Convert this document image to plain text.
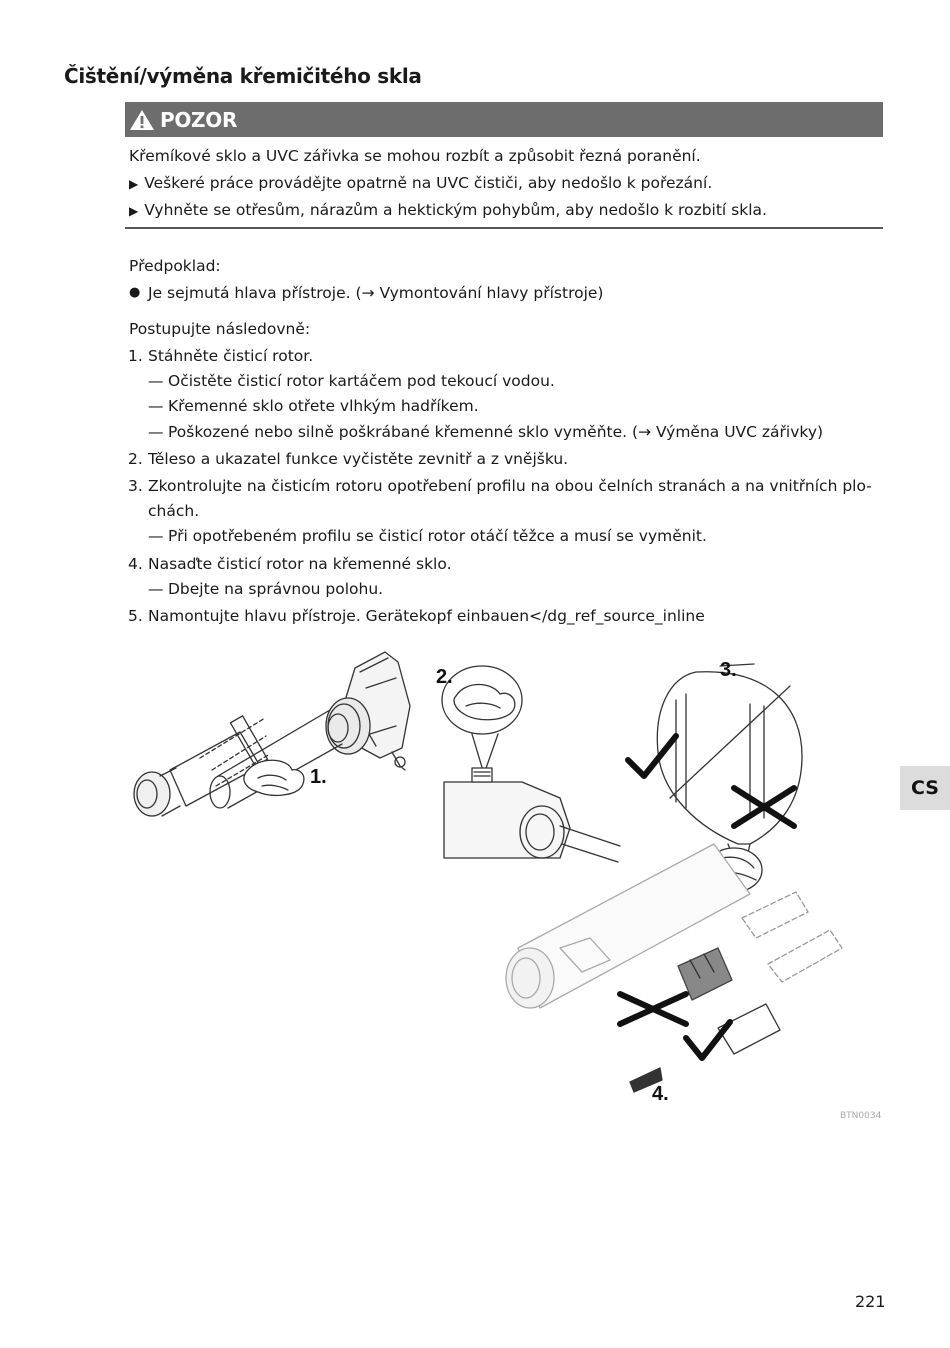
Čištění/výměna křemičitého skla
POZOR
Křemíkové sklo a UVC zářivka se mohou rozbít a způsobit řezná poranění.
▶ Veškeré práce provádějte opatrně na UVC čističi, aby nedošlo k pořezání.
▶ Vyhněte se otřesům, nárazům a hektickým pohybům, aby nedošlo k rozbití skla.
Předpoklad:
● Je sejmutá hlava přístroje. (→ Vymontování hlavy přístroje)
Postupujte následovně:
1. Stáhněte čisticí rotor.
— Očistěte čisticí rotor kartáčem pod tekoucí vodou.
— Křemenné sklo otřete vlhkým hadříkem.
— Poškozené nebo silně poškrábané křemenné sklo vyměňte. (→ Výměna UVC zářivky)
2. Těleso a ukazatel funkce vyčistěte zevnitř a z vnějšku.
3. Zkontrolujte na čisticím rotoru opotřebení profilu na obou čelních stranách a na vnitřních plo-
chách.
— Při opotřebeném profilu se čisticí rotor otáčí těžce a musí se vyměnit.
4. Nasaďte čisticí rotor na křemenné sklo.
— Dbejte na správnou polohu.
5. Namontujte hlavu přístroje. Gerätekopf einbauen</dg_ref_source_inline
1.
2.	3.
4.
BTN0034
CS
221
